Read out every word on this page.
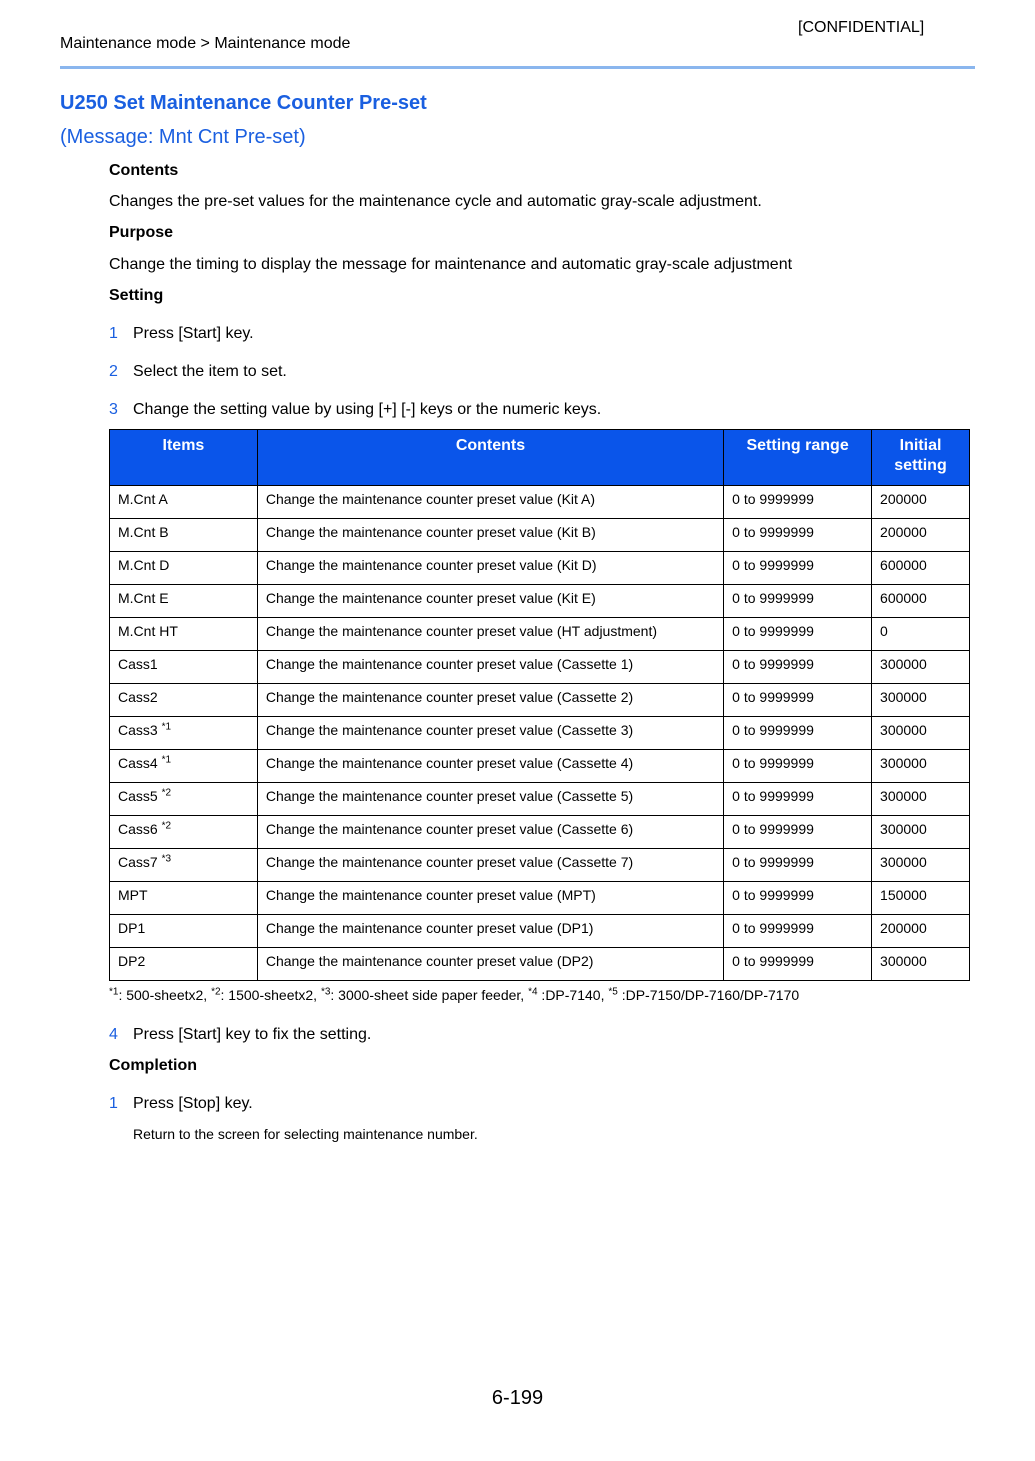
[CONFIDENTIAL]
Maintenance mode > Maintenance mode
U250 Set Maintenance Counter Pre-set
(Message: Mnt Cnt Pre-set)
Contents
Changes the pre-set values for the maintenance cycle and automatic gray-scale adjustment.
Purpose
Change the timing to display the message for maintenance and automatic gray-scale adjustment
Setting
1 Press [Start] key.
2 Select the item to set.
3 Change the setting value by using [+] [-] keys or the numeric keys.
Items	Contents	Setting range	Initial setting
M.Cnt A	Change the maintenance counter preset value (Kit A)	0 to 9999999	200000
M.Cnt B	Change the maintenance counter preset value (Kit B)	0 to 9999999	200000
M.Cnt D	Change the maintenance counter preset value (Kit D)	0 to 9999999	600000
M.Cnt E	Change the maintenance counter preset value (Kit E)	0 to 9999999	600000
M.Cnt HT	Change the maintenance counter preset value (HT adjustment)	0 to 9999999	0
Cass1	Change the maintenance counter preset value (Cassette 1)	0 to 9999999	300000
Cass2	Change the maintenance counter preset value (Cassette 2)	0 to 9999999	300000
Cass3 $^{*1}$	Change the maintenance counter preset value (Cassette 3)	0 to 9999999	300000
Cass4 $^{*1}$	Change the maintenance counter preset value (Cassette 4)	0 to 9999999	300000
Cass5 $^{*2}$	Change the maintenance counter preset value (Cassette 5)	0 to 9999999	300000
Cass6 $^{*2}$	Change the maintenance counter preset value (Cassette 6)	0 to 9999999	300000
Cass7 $^{*3}$	Change the maintenance counter preset value (Cassette 7)	0 to 9999999	300000
MPT	Change the maintenance counter preset value (MPT)	0 to 9999999	150000
DP1	Change the maintenance counter preset value (DP1)	0 to 9999999	200000
DP2	Change the maintenance counter preset value (DP2)	0 to 9999999	300000
$^{*1}$: 500-sheetx2, $^{*2}$: 1500-sheetx2, $^{*3}$: 3000-sheet side paper feeder, $^{*4}$ :DP-7140, $^{*5}$ :DP-7150/DP-7160/DP-7170
4 Press [Start] key to fix the setting.
Completion
1 Press [Stop] key.
Return to the screen for selecting maintenance number.
6-199
